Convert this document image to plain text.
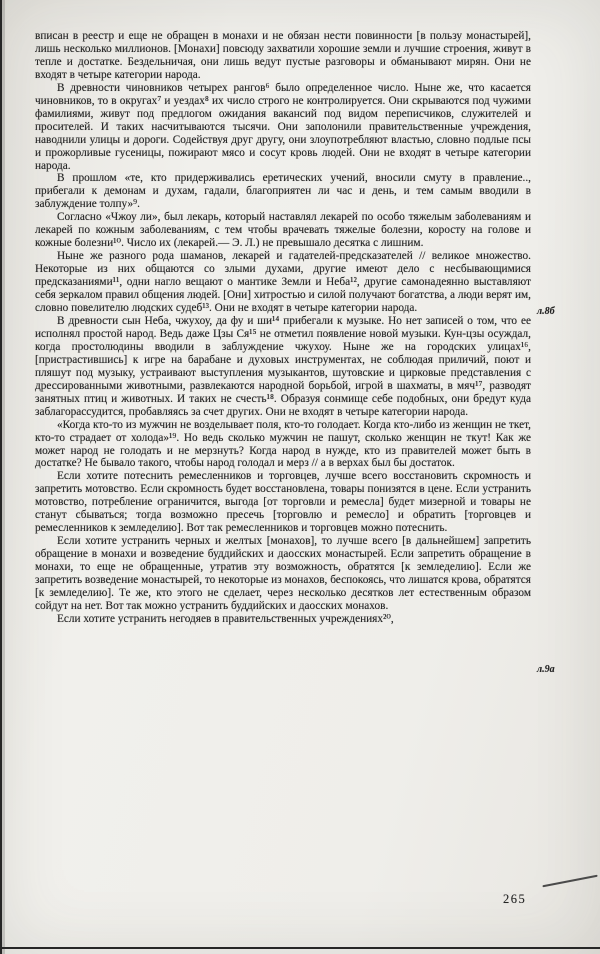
вписан в реестр и еще не обращен в монахи и не обязан нести повинности [в пользу монастырей], лишь несколько миллионов. [Монахи] повсюду захватили хорошие земли и лучшие строения, живут в тепле и достатке. Бездельничая, они лишь ведут пустые разговоры и обманывают мирян. Они не входят в четыре категории народа.

В древности чиновников четырех рангов⁶ было определенное число. Ныне же, что касается чиновников, то в округах⁷ и уездах⁸ их число строго не контролируется. Они скрываются под чужими фамилиями, живут под предлогом ожидания вакансий под видом переписчиков, служителей и просителей. И таких насчитываются тысячи. Они заполонили правительственные учреждения, наводнили улицы и дороги. Содействуя друг другу, они злоупотребляют властью, словно подлые псы и прожорливые гусеницы, пожирают мясо и сосут кровь людей. Они не входят в четыре категории народа.

В прошлом «те, кто придерживались еретических учений, вносили смуту в правление.., прибегали к демонам и духам, гадали, благоприятен ли час и день, и тем самым вводили в заблуждение толпу»⁹.

Согласно «Чжоу ли», был лекарь, который наставлял лекарей по особо тяжелым заболеваниям и лекарей по кожным заболеваниям, с тем чтобы врачевать тяжелые болезни, коросту на голове и кожные болезни¹⁰. Число их (лекарей.— Э. Л.) не превышало десятка с лишним.

Ныне же разного рода шаманов, лекарей и гадателей-предсказателей // великое множество. Некоторые из них общаются со злыми духами, другие имеют дело с несбывающимися предсказаниями¹¹, одни нагло вещают о мантике Земли и Неба¹², другие самонадеянно выставляют себя зеркалом правил общения людей. [Они] хитростью и силой получают богатства, а люди верят им, словно повелителю людских судеб¹³. Они не входят в четыре категории народа.

В древности сын Неба, чжухоу, да фу и ши¹⁴ прибегали к музыке. Но нет записей о том, что ее исполнял простой народ. Ведь даже Цзы Ся¹⁵ не отметил появление новой музыки. Кун-цзы осуждал, когда простолюдины вводили в заблуждение чжухоу. Ныне же на городских улицах¹⁶, [пристрастившись] к игре на барабане и духовых инструментах, не соблюдая приличий, поют и пляшут под музыку, устраивают выступления музыкантов, шутовские и цирковые представления с дрессированными животными, развлекаются народной борьбой, игрой в шахматы, в мяч¹⁷, разводят занятных птиц и животных. И таких не счесть¹⁸. Образуя сонмище себе подобных, они бредут куда заблагорассудится, пробавляясь за счет других. Они не входят в четыре категории народа.

«Когда кто-то из мужчин не возделывает поля, кто-то голодает. Когда кто-либо из женщин не ткет, кто-то страдает от холода»¹⁹. Но ведь сколько мужчин не пашут, сколько женщин не ткут! Как же может народ не голодать и не мерзнуть? Когда народ в нужде, кто из правителей может быть в достатке? Не бывало такого, чтобы народ голодал и мерз // а в верхах был бы достаток.

Если хотите потеснить ремесленников и торговцев, лучше всего восстановить скромность и запретить мотовство. Если скромность будет восстановлена, товары понизятся в цене. Если устранить мотовство, потребление ограничится, выгода [от торговли и ремесла] будет мизерной и товары не станут сбываться; тогда возможно пресечь [торговлю и ремесло] и обратить [торговцев и ремесленников к земледелию]. Вот так ремесленников и торговцев можно потеснить.

Если хотите устранить черных и желтых [монахов], то лучше всего [в дальнейшем] запретить обращение в монахи и возведение буддийских и даосских монастырей. Если запретить обращение в монахи, то еще не обращенные, утратив эту возможность, обратятся [к земледелию]. Если же запретить возведение монастырей, то некоторые из монахов, беспокоясь, что лишатся крова, обратятся [к земледелию]. Те же, кто этого не сделает, через несколько десятков лет естественным образом сойдут на нет. Вот так можно устранить буддийских и даосских монахов.

Если хотите устранить негодяев в правительственных учреждениях²⁰,

л.8б
л.9а
265
